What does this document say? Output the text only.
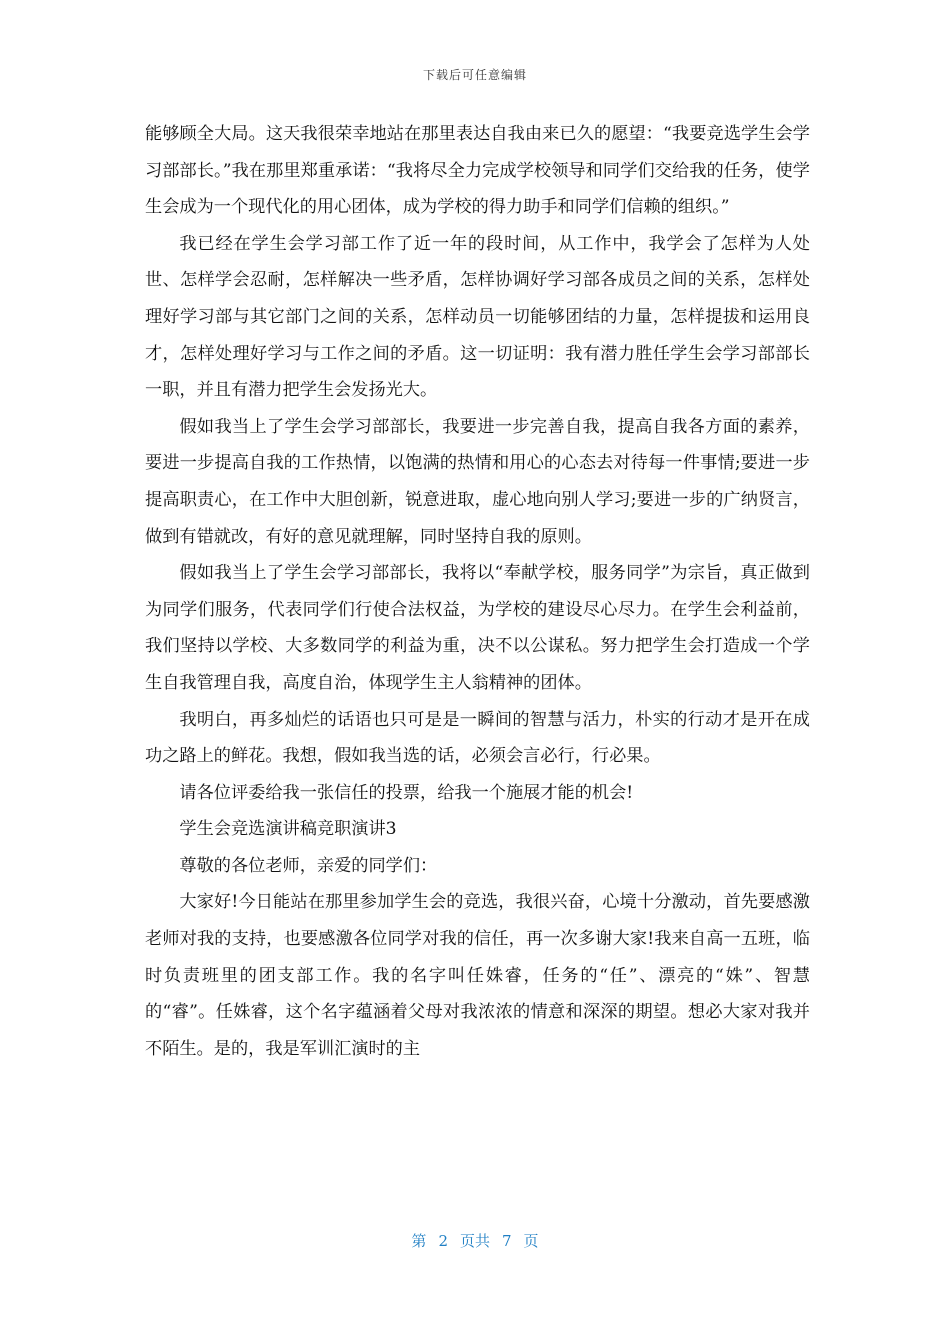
下载后可任意编辑

能够顾全大局。这天我很荣幸地站在那里表达自我由来已久的愿望：“我要竞选学生会学习部部长。”我在那里郑重承诺：“我将尽全力完成学校领导和同学们交给我的任务，使学生会成为一个现代化的用心团体，成为学校的得力助手和同学们信赖的组织。”

我已经在学生会学习部工作了近一年的段时间，从工作中，我学会了怎样为人处世、怎样学会忍耐，怎样解决一些矛盾，怎样协调好学习部各成员之间的关系，怎样处理好学习部与其它部门之间的关系，怎样动员一切能够团结的力量，怎样提拔和运用良才，怎样处理好学习与工作之间的矛盾。这一切证明：我有潜力胜任学生会学习部部长一职，并且有潜力把学生会发扬光大。

假如我当上了学生会学习部部长，我要进一步完善自我，提高自我各方面的素养，要进一步提高自我的工作热情，以饱满的热情和用心的心态去对待每一件事情;要进一步提高职责心，在工作中大胆创新，锐意进取，虚心地向别人学习;要进一步的广纳贤言，做到有错就改，有好的意见就理解，同时坚持自我的原则。

假如我当上了学生会学习部部长，我将以“奉献学校，服务同学”为宗旨，真正做到为同学们服务，代表同学们行使合法权益，为学校的建设尽心尽力。在学生会利益前，我们坚持以学校、大多数同学的利益为重，决不以公谋私。努力把学生会打造成一个学生自我管理自我，高度自治，体现学生主人翁精神的团体。

我明白，再多灿烂的话语也只可是是一瞬间的智慧与活力，朴实的行动才是开在成功之路上的鲜花。我想，假如我当选的话，必须会言必行，行必果。

请各位评委给我一张信任的投票，给我一个施展才能的机会!

学生会竞选演讲稿竞职演讲3

尊敬的各位老师，亲爱的同学们：

大家好!今日能站在那里参加学生会的竞选，我很兴奋，心境十分激动，首先要感激老师对我的支持，也要感激各位同学对我的信任，再一次多谢大家!我来自高一五班，临时负责班里的团支部工作。我的名字叫任姝睿，任务的“任”、漂亮的“姝”、智慧的“睿”。任姝睿，这个名字蕴涵着父母对我浓浓的情意和深深的期望。想必大家对我并不陌生。是的，我是军训汇演时的主

第 2 页共 7 页
